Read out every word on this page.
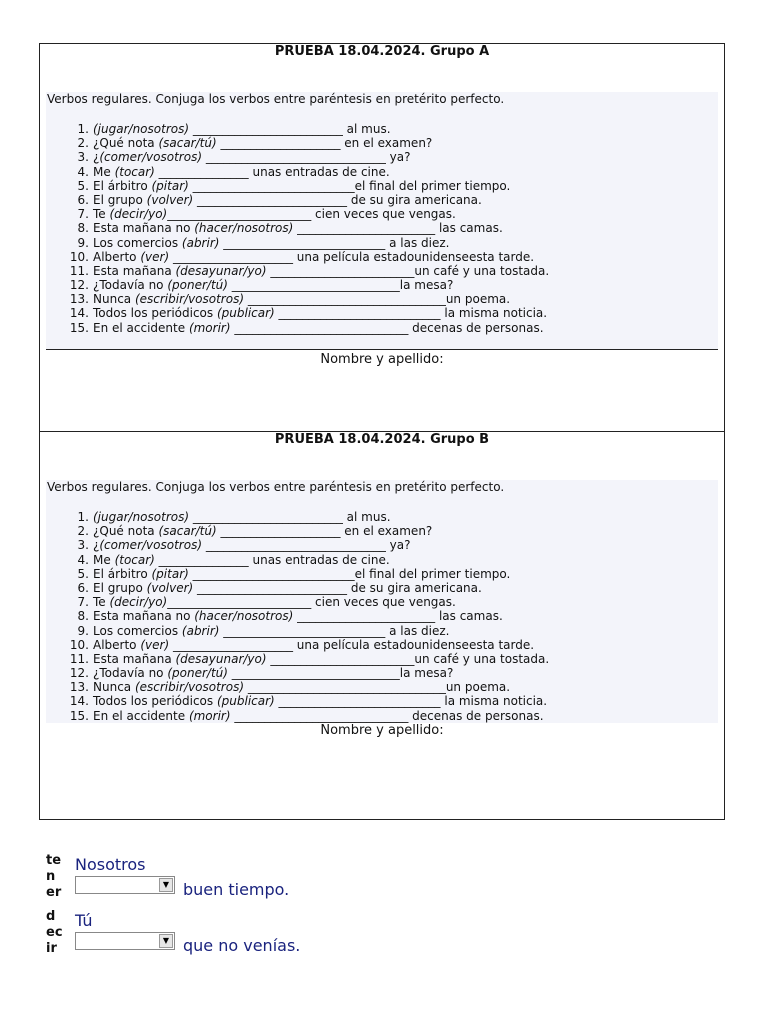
PRUEBA 18.04.2024. Grupo A
Verbos regulares. Conjuga los verbos entre paréntesis en pretérito perfecto.
1. (jugar/nosotros) _________________________ al mus.
2. ¿Qué nota (sacar/tú) ____________________ en el examen?
3. ¿(comer/vosotros) ______________________________ ya?
4. Me (tocar) _______________ unas entradas de cine.
5. El árbitro (pitar) ___________________________el final del primer tiempo.
6. El grupo (volver) _________________________ de su gira americana.
7. Te (decir/yo)________________________ cien veces que vengas.
8. Esta mañana no (hacer/nosotros) _______________________ las camas.
9. Los comercios (abrir) ___________________________ a las diez.
10. Alberto (ver) ____________________ una película estadounidenseesta tarde.
11. Esta mañana (desayunar/yo) ________________________un café y una tostada.
12. ¿Todavía no (poner/tú) ____________________________la mesa?
13. Nunca (escribir/vosotros) _________________________________un poema.
14. Todos los periódicos (publicar) ___________________________ la misma noticia.
15. En el accidente (morir) _____________________________ decenas de personas.
Nombre y apellido:
PRUEBA 18.04.2024. Grupo B
Verbos regulares. Conjuga los verbos entre paréntesis en pretérito perfecto.
1. (jugar/nosotros) _________________________ al mus.
2. ¿Qué nota (sacar/tú) ____________________ en el examen?
3. ¿(comer/vosotros) ______________________________ ya?
4. Me (tocar) _______________ unas entradas de cine.
5. El árbitro (pitar) ___________________________el final del primer tiempo.
6. El grupo (volver) _________________________ de su gira americana.
7. Te (decir/yo)________________________ cien veces que vengas.
8. Esta mañana no (hacer/nosotros) _______________________ las camas.
9. Los comercios (abrir) ___________________________ a las diez.
10. Alberto (ver) ____________________ una película estadounidenseesta tarde.
11. Esta mañana (desayunar/yo) ________________________un café y una tostada.
12. ¿Todavía no (poner/tú) ____________________________la mesa?
13. Nunca (escribir/vosotros) _________________________________un poema.
14. Todos los periódicos (publicar) ___________________________ la misma noticia.
15. En el accidente (morir) _____________________________ decenas de personas.
Nombre y apellido:
te
n
er
Nosotros
▼ buen tiempo.
d
ec
ir
Tú
▼ que no venías.
